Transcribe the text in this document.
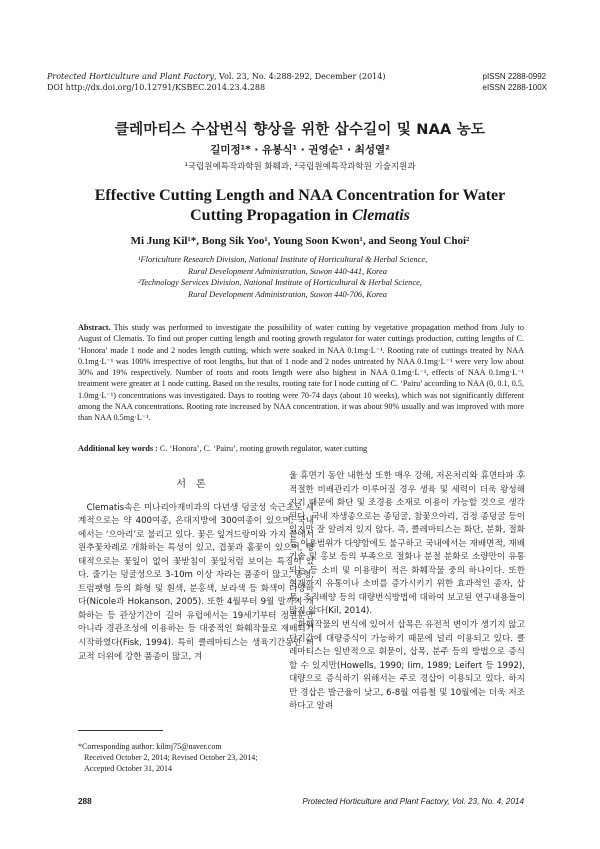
Protected Horticulture and Plant Factory, Vol. 23, No. 4:288-292, December (2014)
DOI http://dx.doi.org/10.12791/KSBEC.2014.23.4.288
pISSN 2288-0992
eISSN 2288-100X
클레마티스 수삽번식 향상을 위한 삽수길이 및 NAA 농도
길미정¹* · 유봉식¹ · 권영순¹ · 최성열²
¹국립원예특작과학원 화훼과, ²국립원예특작과학원 기술지원과
Effective Cutting Length and NAA Concentration for Water
Cutting Propagation in Clematis
Mi Jung Kil¹*, Bong Sik Yoo¹, Young Soon Kwon¹, and Seong Youl Choi²
¹Floriculture Research Division, National Institute of Horticultural & Herbal Science,
Rural Development Administration, Suwon 440-441, Korea
²Technology Services Division, National Institute of Horticultural & Herbal Science,
Rural Development Administration, Suwon 440-706, Korea
Abstract. This study was performed to investigate the possibility of water cutting by vegetative propagation method from July to August of Clematis. To find out proper cutting length and rooting growth regulator for water cuttings production, cutting lengths of C. ‘Honora’ made 1 node and 2 nodes length cutting, which were soaked in NAA 0.1mg·L⁻¹. Rooting rate of cuttings treated by NAA 0.1mg·L⁻¹ was 100% irrespective of root lengths, but that of 1 node and 2 nodes untreated by NAA 0.1mg·L⁻¹ were very low about 30% and 19% respectively. Number of roots and roots length were also highest in NAA 0.1mg·L⁻¹, effects of NAA 0.1mg·L⁻¹ treatment were greater at 1 node cutting. Based on the results, rooting rate for I node cutting of C. ‘Pairu’ according to NAA (0, 0.1, 0.5, 1.0mg·L⁻¹) concentrations was investigated. Days to rooting were 70-74 days (about 10 weeks), which was not significantly different among the NAA concentrations. Rooting rate increased by NAA concentration. it was about 90% usually and was improved with more than NAA 0.5mg·L⁻¹.
Additional key words : C. ‘Honora’, C. ‘Pairu’, rooting growth regulator, water cutting
서론

Clematis속은 미나리아재비과의 다년생 덩굴성 숙근초로 세계적으로는 약 400여종, 온대지방에 300여종이 있으며, 국내에서는 ‘으아리’로 불리고 있다. 꽃은 잎겨드랑이와 가지 끝에서 원추꽃차례로 개화하는 특성이 있고, 겹꽃과 홑꽃이 있으며, 형태적으로는 꽃잎이 없어 꽃받침이 꽃잎처럼 보이는 특징이 있다. 줄기는 덩굴성으로 3-10m 이상 자라는 품종이 많고, 종형, 트럼펫형 등의 화형 및 흰색, 분홍색, 보라색 등 화색이 다양하다(Nicole과 Hokanson, 2005). 또한 4월부터 9월 말까지 개화하는 등 관상기간이 길어 유럽에서는 19세기부터 정원뿐만 아니라 경관조성에 이용하는 등 대중적인 화훼작물로 재배되기 시작하였다(Fisk, 1994). 특히 클레마티스는 생육기간동안 비교적 더위에 강한 품종이 많고, 겨

울 휴면기 동안 내한성 또한 매우 강해, 저온처리와 휴면타파 후 적절한 비배관리가 이루어질 경우 생육 및 세력이 더욱 왕성해지기 때문에 화단 및 조경용 소재로 이용이 가능할 것으로 생각된다. 국내 자생종으로는 종덩굴, 참꽃으아리, 검정 종덩굴 등이 있지만 잘 알려져 있지 않다. 즉, 클레마티스는 화단, 분화, 절화 등 이용범위가 다양함에도 불구하고 국내에서는 재배면적, 재배기술 및 홍보 등의 부족으로 절화나 분절 분화로 소량만이 유통되는 등 소비 및 이용량이 적은 화훼작물 중의 하나이다. 또한 현재까지 유통이나 소비를 증가시키기 위한 효과적인 종자, 삽목, 조직배양 등의 대량번식방법에 대하여 보고된 연구내용들이 많지 않다(Kil, 2014).

화훼작물의 번식에 있어서 삽목은 유전적 변이가 생기지 않고 단기간에 대량증식이 가능하기 때문에 널리 이용되고 있다. 클레마티스는 일반적으로 휘묻이, 삽목, 분주 등의 방법으로 증식할 수 있지만(Howells, 1990; Iim, 1989; Leifert 등 1992), 대량으로 증식하기 위해서는 주로 경삽이 이용되고 있다. 하지만 경삽은 발근율이 낮고, 6-8월 여름철 및 10월에는 더욱 저조하다고 알려

*Corresponding author: kilmj75@naver.com
Received October 2, 2014; Revised October 23, 2014;
Accepted October 31, 2014
288	Protected Horticulture and Plant Factory, Vol. 23, No. 4, 2014
